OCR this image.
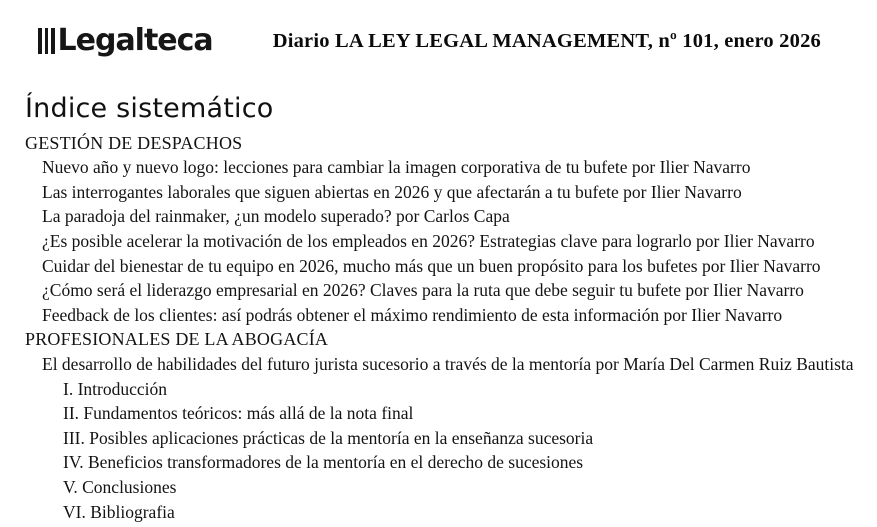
Legalteca	Diario LA LEY LEGAL MANAGEMENT, nº 101, enero 2026
Índice sistemático
GESTIÓN DE DESPACHOS
Nuevo año y nuevo logo: lecciones para cambiar la imagen corporativa de tu bufete por Ilier Navarro
Las interrogantes laborales que siguen abiertas en 2026 y que afectarán a tu bufete por Ilier Navarro
La paradoja del rainmaker, ¿un modelo superado? por Carlos Capa
¿Es posible acelerar la motivación de los empleados en 2026? Estrategias clave para lograrlo por Ilier Navarro
Cuidar del bienestar de tu equipo en 2026, mucho más que un buen propósito para los bufetes por Ilier Navarro
¿Cómo será el liderazgo empresarial en 2026? Claves para la ruta que debe seguir tu bufete por Ilier Navarro
Feedback de los clientes: así podrás obtener el máximo rendimiento de esta información por Ilier Navarro
PROFESIONALES DE LA ABOGACÍA
El desarrollo de habilidades del futuro jurista sucesorio a través de la mentoría por María Del Carmen Ruiz Bautista
I. Introducción
II. Fundamentos teóricos: más allá de la nota final
III. Posibles aplicaciones prácticas de la mentoría en la enseñanza sucesoria
IV. Beneficios transformadores de la mentoría en el derecho de sucesiones
V. Conclusiones
VI. Bibliografia
